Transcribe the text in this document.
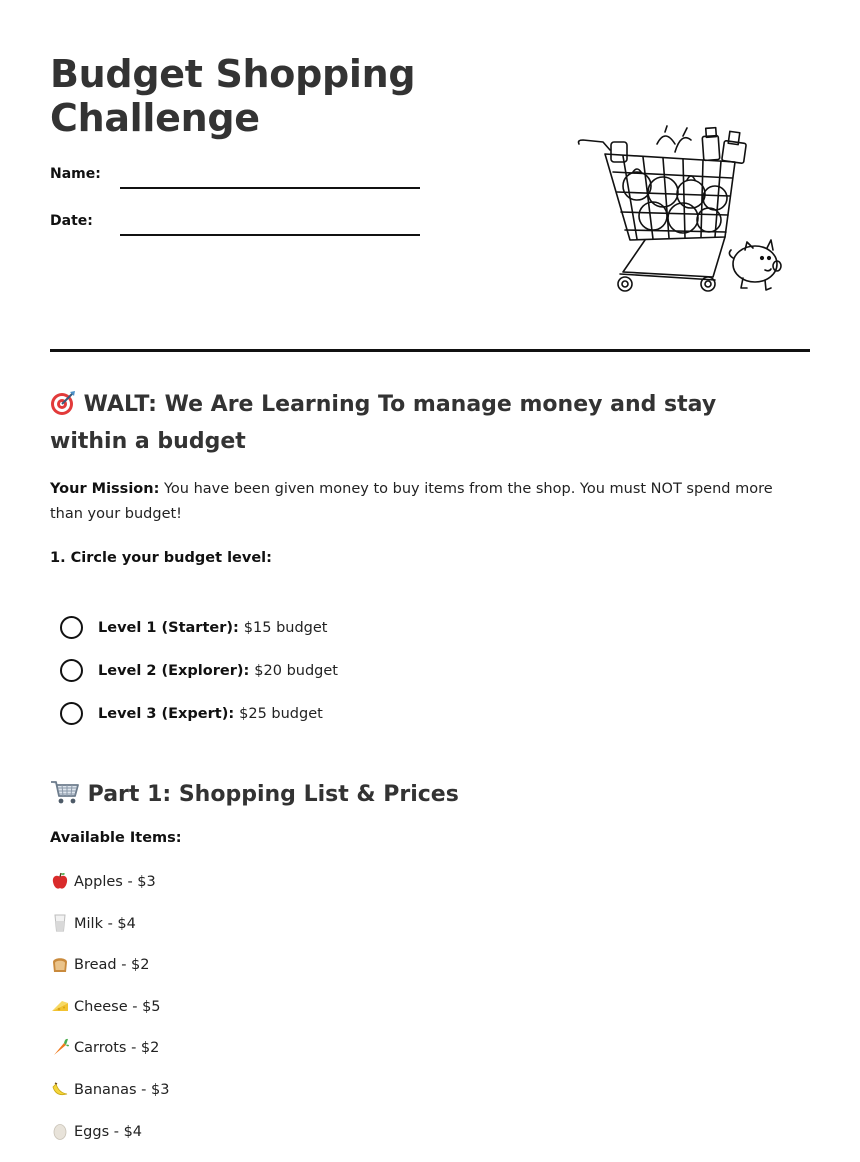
Budget Shopping Challenge
Name:
Date:
WALT: We Are Learning To manage money and stay within a budget

Your Mission: You have been given money to buy items from the shop. You must NOT spend more than your budget!

1. Circle your budget level:

Level 1 (Starter): $15 budget
Level 2 (Explorer): $20 budget
Level 3 (Expert): $25 budget
Part 1: Shopping List & Prices

Available Items:

Apples - $3
Milk - $4
Bread - $2
Cheese - $5
Carrots - $2
Bananas - $3
Eggs - $4
